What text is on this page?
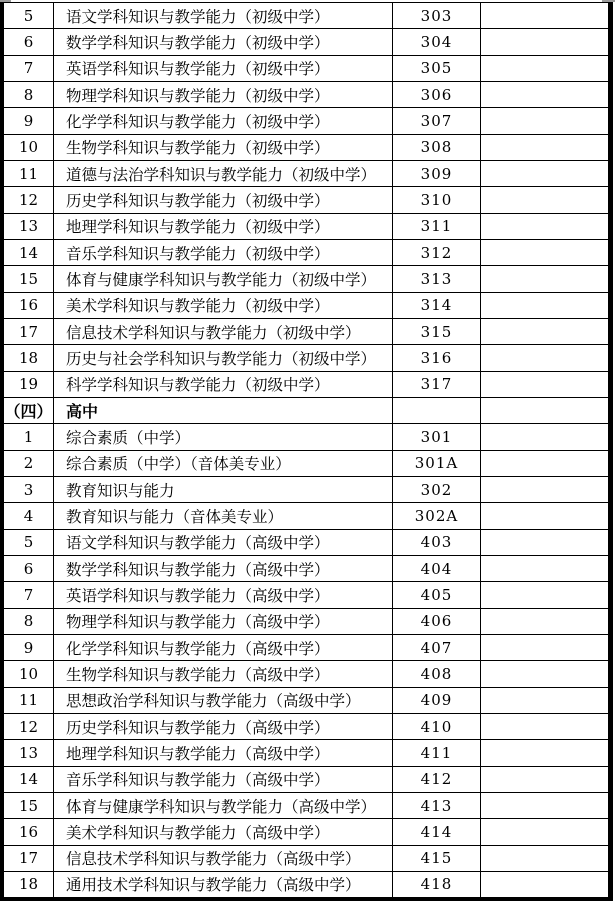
5	语文学科知识与教学能力（初级中学）	303
6	数学学科知识与教学能力（初级中学）	304
7	英语学科知识与教学能力（初级中学）	305
8	物理学科知识与教学能力（初级中学）	306
9	化学学科知识与教学能力（初级中学）	307
10	生物学科知识与教学能力（初级中学）	308
11	道德与法治学科知识与教学能力（初级中学）	309
12	历史学科知识与教学能力（初级中学）	310
13	地理学科知识与教学能力（初级中学）	311
14	音乐学科知识与教学能力（初级中学）	312
15	体育与健康学科知识与教学能力（初级中学）	313
16	美术学科知识与教学能力（初级中学）	314
17	信息技术学科知识与教学能力（初级中学）	315
18	历史与社会学科知识与教学能力（初级中学）	316
19	科学学科知识与教学能力（初级中学）	317
（四） 高中
1	综合素质（中学）	301
2	综合素质（中学）（音体美专业）	301A
3	教育知识与能力	302
4	教育知识与能力（音体美专业）	302A
5	语文学科知识与教学能力（高级中学）	403
6	数学学科知识与教学能力（高级中学）	404
7	英语学科知识与教学能力（高级中学）	405
8	物理学科知识与教学能力（高级中学）	406
9	化学学科知识与教学能力（高级中学）	407
10	生物学科知识与教学能力（高级中学）	408
11	思想政治学科知识与教学能力（高级中学）	409
12	历史学科知识与教学能力（高级中学）	410
13	地理学科知识与教学能力（高级中学）	411
14	音乐学科知识与教学能力（高级中学）	412
15	体育与健康学科知识与教学能力（高级中学）	413
16	美术学科知识与教学能力（高级中学）	414
17	信息技术学科知识与教学能力（高级中学）	415
18	通用技术学科知识与教学能力（高级中学）	418
